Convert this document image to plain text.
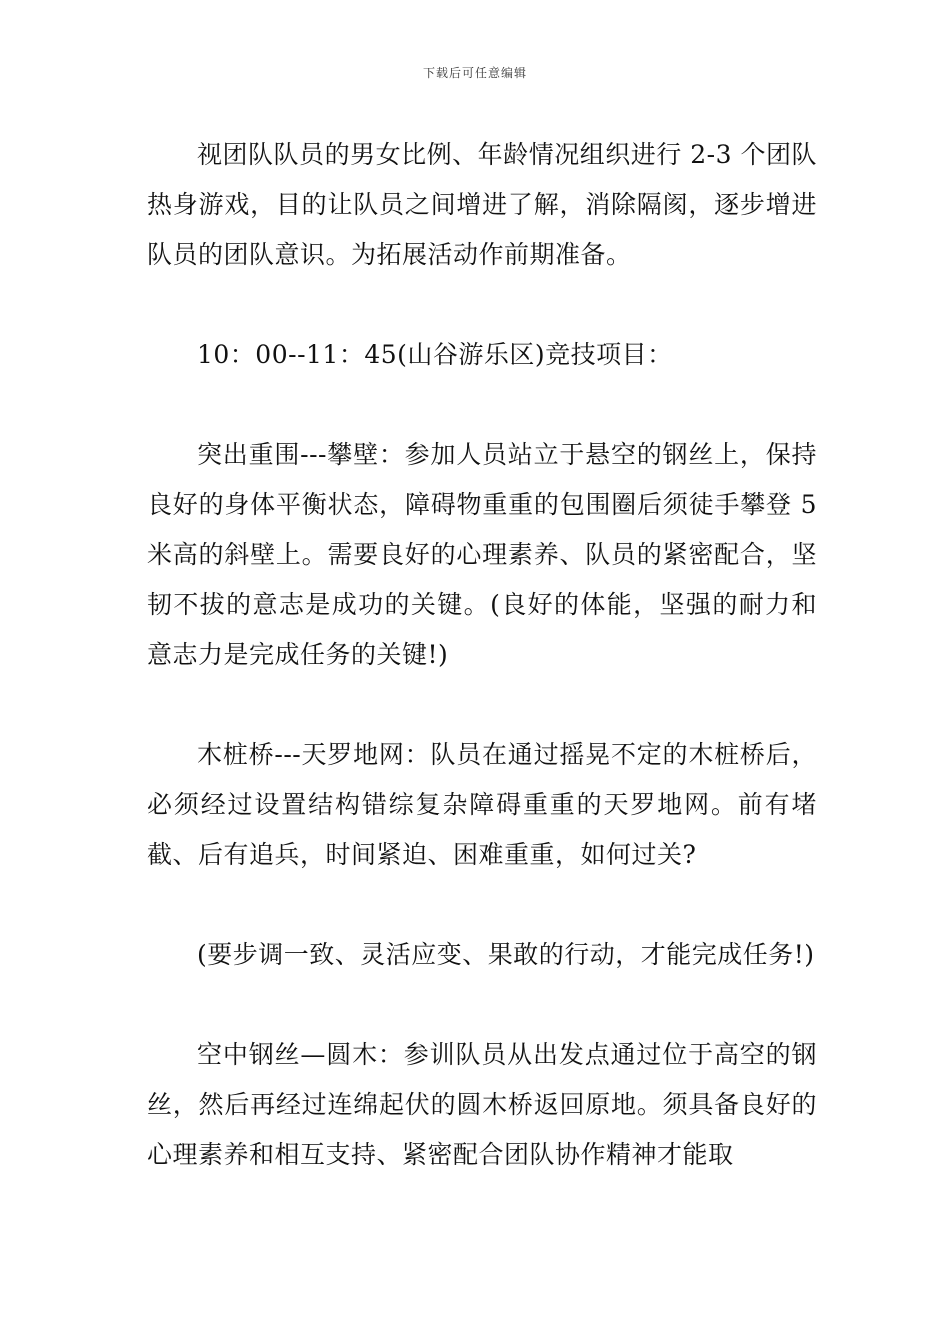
下载后可任意编辑

视团队队员的男女比例、年龄情况组织进行 2-3 个团队热身游戏，目的让队员之间增进了解，消除隔阂，逐步增进队员的团队意识。为拓展活动作前期准备。

10：00--11：45(山谷游乐区)竞技项目：

突出重围---攀壁：参加人员站立于悬空的钢丝上，保持良好的身体平衡状态，障碍物重重的包围圈后须徒手攀登 5 米高的斜壁上。需要良好的心理素养、队员的紧密配合，坚韧不拔的意志是成功的关键。(良好的体能，坚强的耐力和意志力是完成任务的关键!)

木桩桥---天罗地网：队员在通过摇晃不定的木桩桥后，必须经过设置结构错综复杂障碍重重的天罗地网。前有堵截、后有追兵，时间紧迫、困难重重，如何过关?

(要步调一致、灵活应变、果敢的行动，才能完成任务!)

空中钢丝—圆木：参训队员从出发点通过位于高空的钢丝，然后再经过连绵起伏的圆木桥返回原地。须具备良好的心理素养和相互支持、紧密配合团队协作精神才能取
